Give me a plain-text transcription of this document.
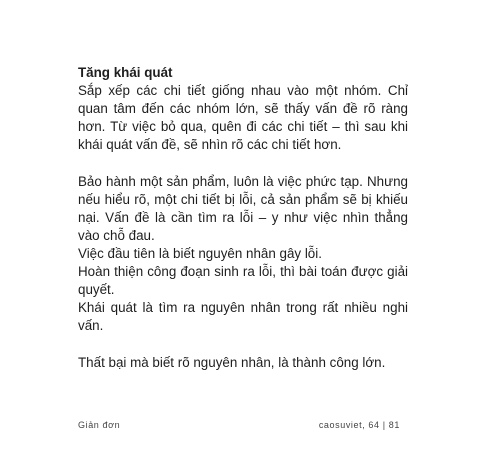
Tăng khái quát

Sắp xếp các chi tiết giống nhau vào một nhóm. Chỉ quan tâm đến các nhóm lớn, sẽ thấy vấn đề rõ ràng hơn. Từ việc bỏ qua, quên đi các chi tiết – thì sau khi khái quát vấn đề, sẽ nhìn rõ các chi tiết hơn.

Bảo hành một sản phẩm, luôn là việc phức tạp. Nhưng nếu hiểu rõ, một chi tiết bị lỗi, cả sản phẩm sẽ bị khiếu nại. Vấn đề là cần tìm ra lỗi – y như việc nhìn thẳng vào chỗ đau.

Việc đầu tiên là biết nguyên nhân gây lỗi.

Hoàn thiện công đoạn sinh ra lỗi, thì bài toán được giải quyết.

Khái quát là tìm ra nguyên nhân trong rất nhiều nghi vấn.

Thất bại mà biết rõ nguyên nhân, là thành công lớn.

Giản đơn	caosuviet, 64 | 81
